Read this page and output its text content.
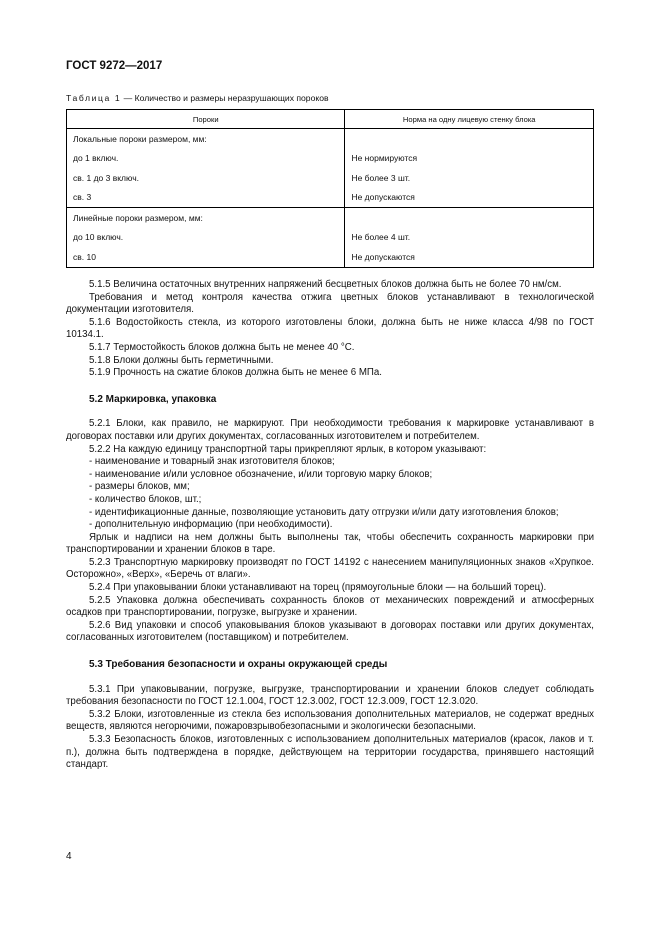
ГОСТ 9272—2017
Таблица 1 — Количество и размеры неразрушающих пороков
Пороки	Норма на одну лицевую стенку блока
Локальные пороки размером, мм:	
до 1 включ.	Не нормируются
св. 1 до 3 включ.	Не более 3 шт.
св. 3	Не допускаются
Линейные пороки размером, мм:	
до 10 включ.	Не более 4 шт.
св. 10	Не допускаются

5.1.5 Величина остаточных внутренних напряжений бесцветных блоков должна быть не более 70 нм/см.

Требования и метод контроля качества отжига цветных блоков устанавливают в технологической документации изготовителя.

5.1.6 Водостойкость стекла, из которого изготовлены блоки, должна быть не ниже класса 4/98 по ГОСТ 10134.1.

5.1.7 Термостойкость блоков должна быть не менее 40 °С.

5.1.8 Блоки должны быть герметичными.

5.1.9 Прочность на сжатие блоков должна быть не менее 6 МПа.

5.2 Маркировка, упаковка

5.2.1 Блоки, как правило, не маркируют. При необходимости требования к маркировке устанавливают в договорах поставки или других документах, согласованных изготовителем и потребителем.

5.2.2 На каждую единицу транспортной тары прикрепляют ярлык, в котором указывают:

- наименование и товарный знак изготовителя блоков;

- наименование и/или условное обозначение, и/или торговую марку блоков;

- размеры блоков, мм;

- количество блоков, шт.;

- идентификационные данные, позволяющие установить дату отгрузки и/или дату изготовления блоков;

- дополнительную информацию (при необходимости).

Ярлык и надписи на нем должны быть выполнены так, чтобы обеспечить сохранность маркировки при транспортировании и хранении блоков в таре.

5.2.3 Транспортную маркировку производят по ГОСТ 14192 с нанесением манипуляционных знаков «Хрупкое. Осторожно», «Верх», «Беречь от влаги».

5.2.4 При упаковывании блоки устанавливают на торец (прямоугольные блоки — на больший торец).

5.2.5 Упаковка должна обеспечивать сохранность блоков от механических повреждений и атмосферных осадков при транспортировании, погрузке, выгрузке и хранении.

5.2.6 Вид упаковки и способ упаковывания блоков указывают в договорах поставки или других документах, согласованных изготовителем (поставщиком) и потребителем.

5.3 Требования безопасности и охраны окружающей среды

5.3.1 При упаковывании, погрузке, выгрузке, транспортировании и хранении блоков следует соблюдать требования безопасности по ГОСТ 12.1.004, ГОСТ 12.3.002, ГОСТ 12.3.009, ГОСТ 12.3.020.

5.3.2 Блоки, изготовленные из стекла без использования дополнительных материалов, не содержат вредных веществ, являются негорючими, пожаровзрывобезопасными и экологически безопасными.

5.3.3 Безопасность блоков, изготовленных с использованием дополнительных материалов (красок, лаков и т. п.), должна быть подтверждена в порядке, действующем на территории государства, принявшего настоящий стандарт.

4
